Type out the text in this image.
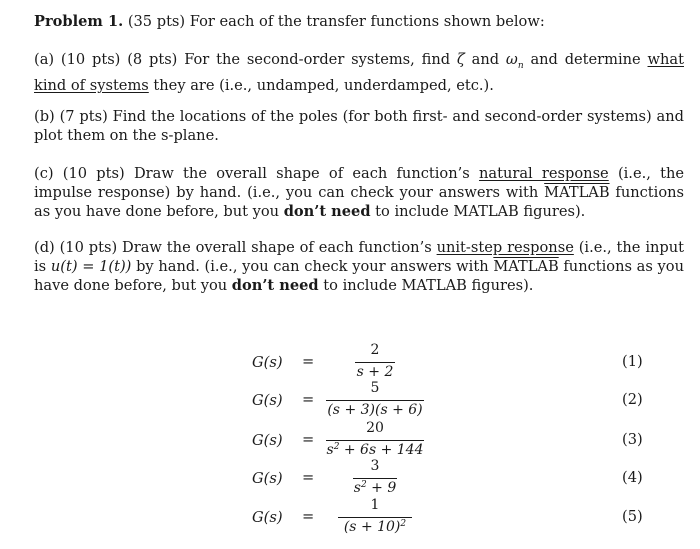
Problem 1. (35 pts) For each of the transfer functions shown below:

(a) (10 pts) (8 pts) For the second-order systems, find ζ and $\omega_n$ and determine what kind of systems they are (i.e., undamped, underdamped, etc.).

(b) (7 pts) Find the locations of the poles (for both first- and second-order systems) and plot them on the s-plane.

(c) (10 pts) Draw the overall shape of each function’s natural response (i.e., the impulse response) by hand. (i.e., you can check your answers with MATLAB functions as you have done before, but you don’t need to include MATLAB figures).

(d) (10 pts) Draw the overall shape of each function’s unit-step response (i.e., the input is u(t) = 1(t)) by hand. (i.e., you can check your answers with MATLAB functions as you have done before, but you don’t need to include MATLAB figures).

G(s) =
2
s + 2
(1)
G(s) =
5
(s + 3)(s + 6)
(2)
G(s) =
20
$s^2 + 6s + 144$
(3)
G(s) =
3
$s^2 + 9$
(4)
G(s) =
1
$(s + 10)^2$	(5)
